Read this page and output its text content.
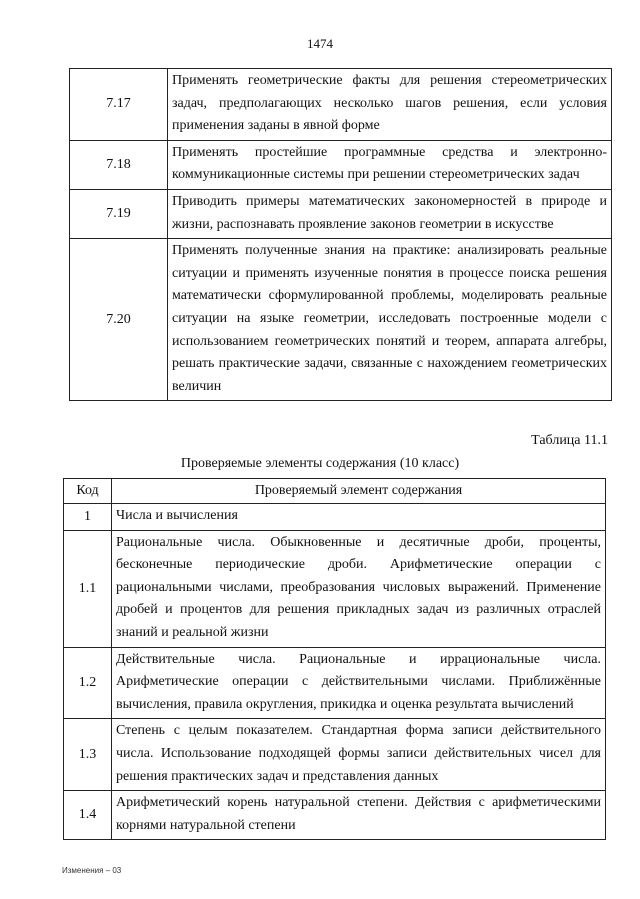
1474
7.17	Применять геометрические факты для решения стереометрических задач, предполагающих несколько шагов решения, если условия применения заданы в явной форме
7.18	Применять простейшие программные средства и электронно-коммуникационные системы при решении стереометрических задач
7.19	Приводить примеры математических закономерностей в природе и жизни, распознавать проявление законов геометрии в искусстве
7.20	Применять полученные знания на практике: анализировать реальные ситуации и применять изученные понятия в процессе поиска решения математически сформулированной проблемы, моделировать реальные ситуации на языке геометрии, исследовать построенные модели с использованием геометрических понятий и теорем, аппарата алгебры, решать практические задачи, связанные с нахождением геометрических величин
Таблица 11.1
Проверяемые элементы содержания (10 класс)
Код	Проверяемый элемент содержания
1	Числа и вычисления
1.1	Рациональные числа. Обыкновенные и десятичные дроби, проценты, бесконечные периодические дроби. Арифметические операции с рациональными числами, преобразования числовых выражений. Применение дробей и процентов для решения прикладных задач из различных отраслей знаний и реальной жизни
1.2	Действительные числа. Рациональные и иррациональные числа. Арифметические операции с действительными числами. Приближённые вычисления, правила округления, прикидка и оценка результата вычислений
1.3	Степень с целым показателем. Стандартная форма записи действительного числа. Использование подходящей формы записи действительных чисел для решения практических задач и представления данных
1.4	Арифметический корень натуральной степени. Действия с арифметическими корнями натуральной степени
Изменения – 03
